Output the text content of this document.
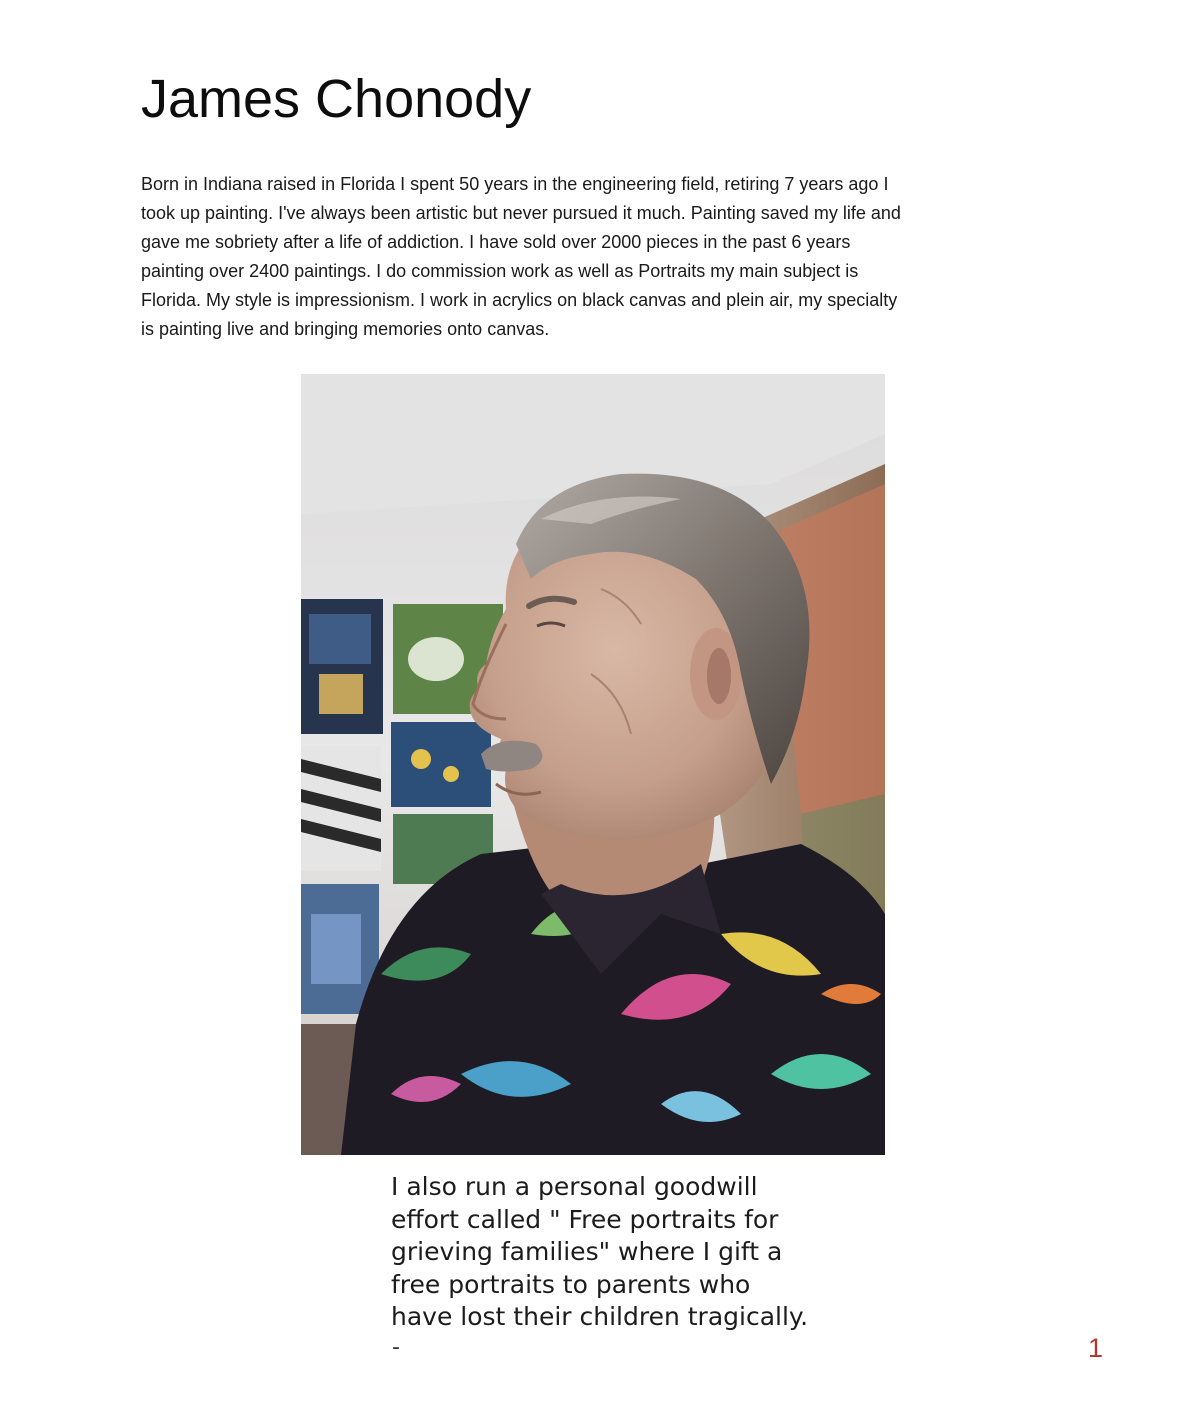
James Chonody

Born in Indiana raised in Florida I spent 50 years in the engineering field, retiring 7 years ago I
took up painting. I've always been artistic but never pursued it much. Painting saved my life and
gave me sobriety after a life of addiction. I have sold over 2000 pieces in the past 6 years
painting over 2400 paintings. I do commission work as well as Portraits my main subject is
Florida. My style is impressionism. I work in acrylics on black canvas and plein air, my specialty
is painting live and bringing memories onto canvas.

I also run a personal goodwill
effort called " Free portraits for
grieving families" where I gift a
free portraits to parents who
have lost their children tragically.

-	1
